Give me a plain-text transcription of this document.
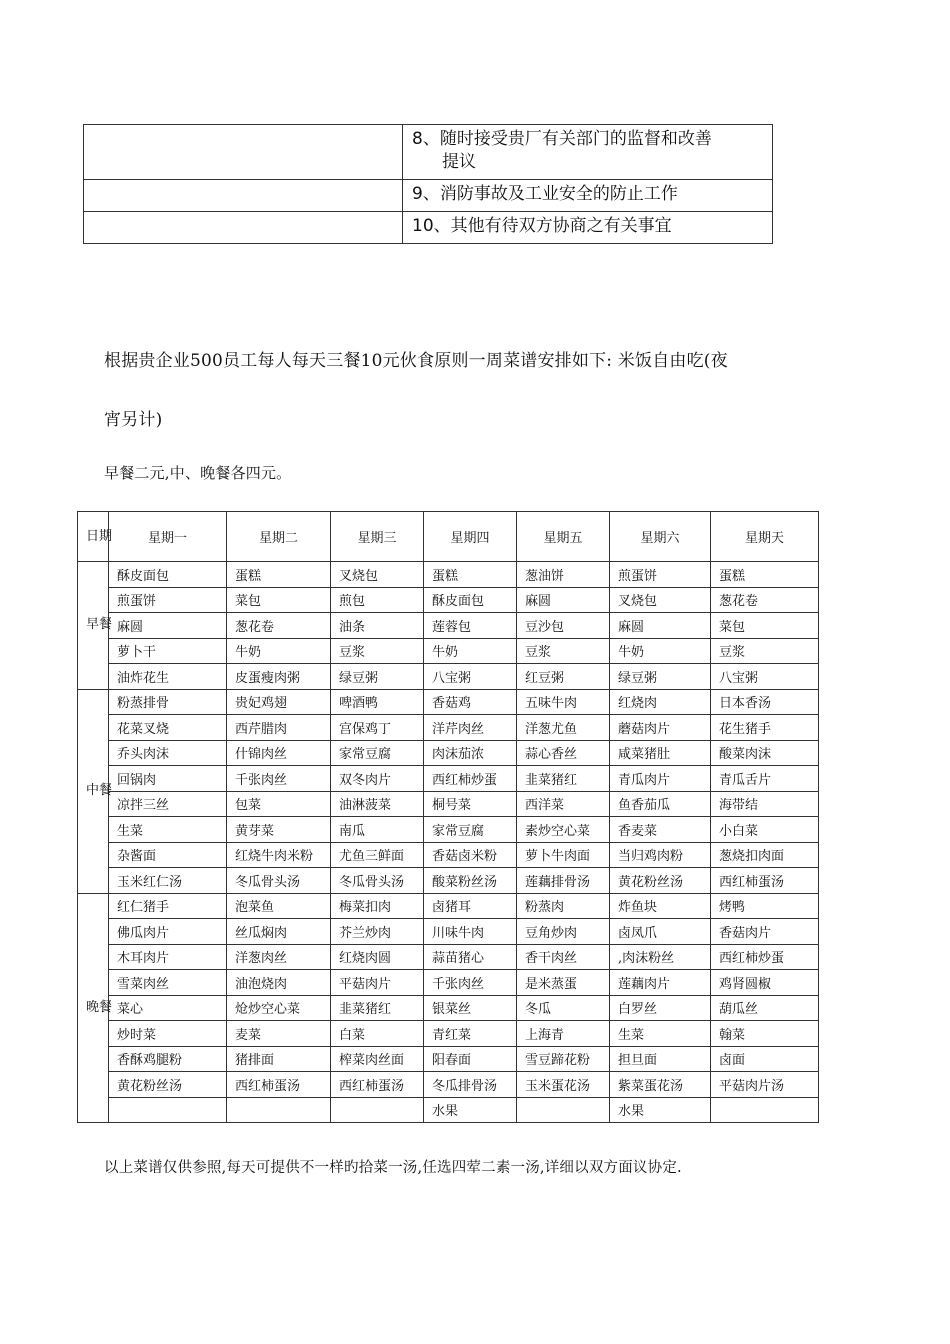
	8、随时接受贵厂有关部门的监督和改善
提议

	9、消防事故及工业安全的防止工作
	10、其他有待双方协商之有关事宜
根据贵企业500员工每人每天三餐10元伙食原则一周菜谱安排如下: 米饭自由吃(夜
宵另计)
早餐二元,中、晚餐各四元。
日期	星期一	星期二	星期三	星期四	星期五	星期六	星期天
早餐	酥皮面包	蛋糕	叉烧包	蛋糕	葱油饼	煎蛋饼	蛋糕
	煎蛋饼	菜包	煎包	酥皮面包	麻圆	叉烧包	葱花卷
	麻圆	葱花卷	油条	莲蓉包	豆沙包	麻圆	菜包
	萝卜干	牛奶	豆浆	牛奶	豆浆	牛奶	豆浆
	油炸花生	皮蛋瘦肉粥	绿豆粥	八宝粥	红豆粥	绿豆粥	八宝粥
中餐	粉蒸排骨	贵妃鸡翅	啤酒鸭	香菇鸡	五味牛肉	红烧肉	日本香汤
	花菜叉烧	西芹腊肉	宫保鸡丁	洋芹肉丝	洋葱尤鱼	蘑菇肉片	花生猪手
	乔头肉沫	什锦肉丝	家常豆腐	肉沫茄浓	蒜心香丝	咸菜猪肚	酸菜肉沫
	回锅肉	千张肉丝	双冬肉片	西红柿炒蛋	韭菜猪红	青瓜肉片	青瓜舌片
	凉拌三丝	包菜	油淋菠菜	桐号菜	西洋菜	鱼香茄瓜	海带结
	生菜	黄芽菜	南瓜	家常豆腐	素炒空心菜	香麦菜	小白菜
	杂酱面	红烧牛肉米粉	尤鱼三鲜面	香菇卤米粉	萝卜牛肉面	当归鸡肉粉	葱烧扣肉面
	玉米红仁汤	冬瓜骨头汤	冬瓜骨头汤	酸菜粉丝汤	莲藕排骨汤	黄花粉丝汤	西红柿蛋汤
晚餐	红仁猪手	泡菜鱼	梅菜扣肉	卤猪耳	粉蒸肉	炸鱼块	烤鸭
	佛瓜肉片	丝瓜焖肉	芥兰炒肉	川味牛肉	豆角炒肉	卤凤爪	香菇肉片
	木耳肉片	洋葱肉丝	红烧肉圆	蒜苗猪心	香干肉丝	,肉沫粉丝	西红柿炒蛋
	雪菜肉丝	油泡烧肉	平菇肉片	千张肉丝	是米蒸蛋	莲藕肉片	鸡肾圆椒
	菜心	炝炒空心菜	韭菜猪红	银菜丝	冬瓜	白罗丝	葫瓜丝
	炒时菜	麦菜	白菜	青红菜	上海青	生菜	翰菜
	香酥鸡腿粉	猪排面	榨菜肉丝面	阳春面	雪豆蹄花粉	担旦面	卤面
	黄花粉丝汤	西红柿蛋汤	西红柿蛋汤	冬瓜排骨汤	玉米蛋花汤	紫菜蛋花汤	平菇肉片汤
				水果		水果	
以上菜谱仅供参照,每天可提供不一样旳拾菜一汤,任选四荤二素一汤,详细以双方面议协定.
